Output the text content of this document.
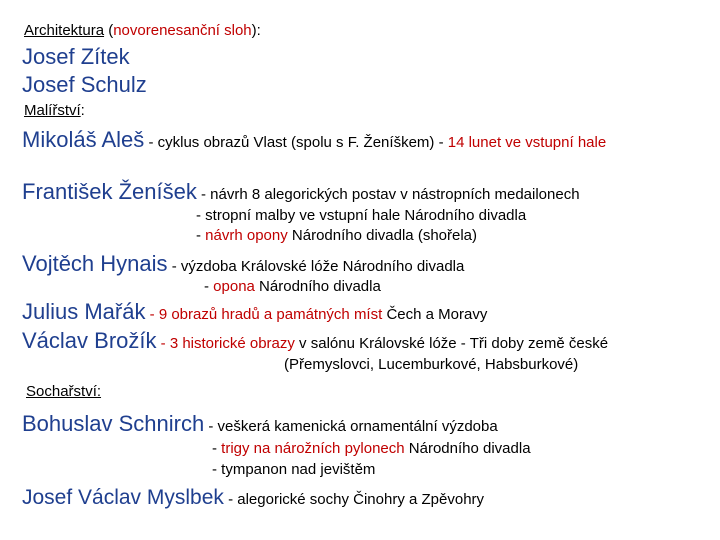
Architektura (novorenesanční sloh):
Josef Zítek
Josef Schulz
Malířství:
Mikoláš Aleš - cyklus obrazů Vlast (spolu s F. Ženíškem) - 14 lunet ve vstupní hale
František Ženíšek - návrh 8 alegorických postav v nástropních medailonech
- stropní malby ve vstupní hale Národního divadla
- návrh opony Národního divadla (shořela)
Vojtěch Hynais - výzdoba Královské lóže Národního divadla
- opona Národního divadla
Julius Mařák - 9 obrazů hradů a památných míst Čech a Moravy
Václav Brožík - 3 historické obrazy v salónu Královské lóže - Tři doby země české
(Přemyslovci, Lucemburkové, Habsburkové)
Sochařství:
Bohuslav Schnirch - veškerá kamenická ornamentální výzdoba
- trigy na nárožních pylonech Národního divadla
- tympanon nad jevištěm
Josef Václav Myslbek - alegorické sochy Činohry a Zpěvohry
